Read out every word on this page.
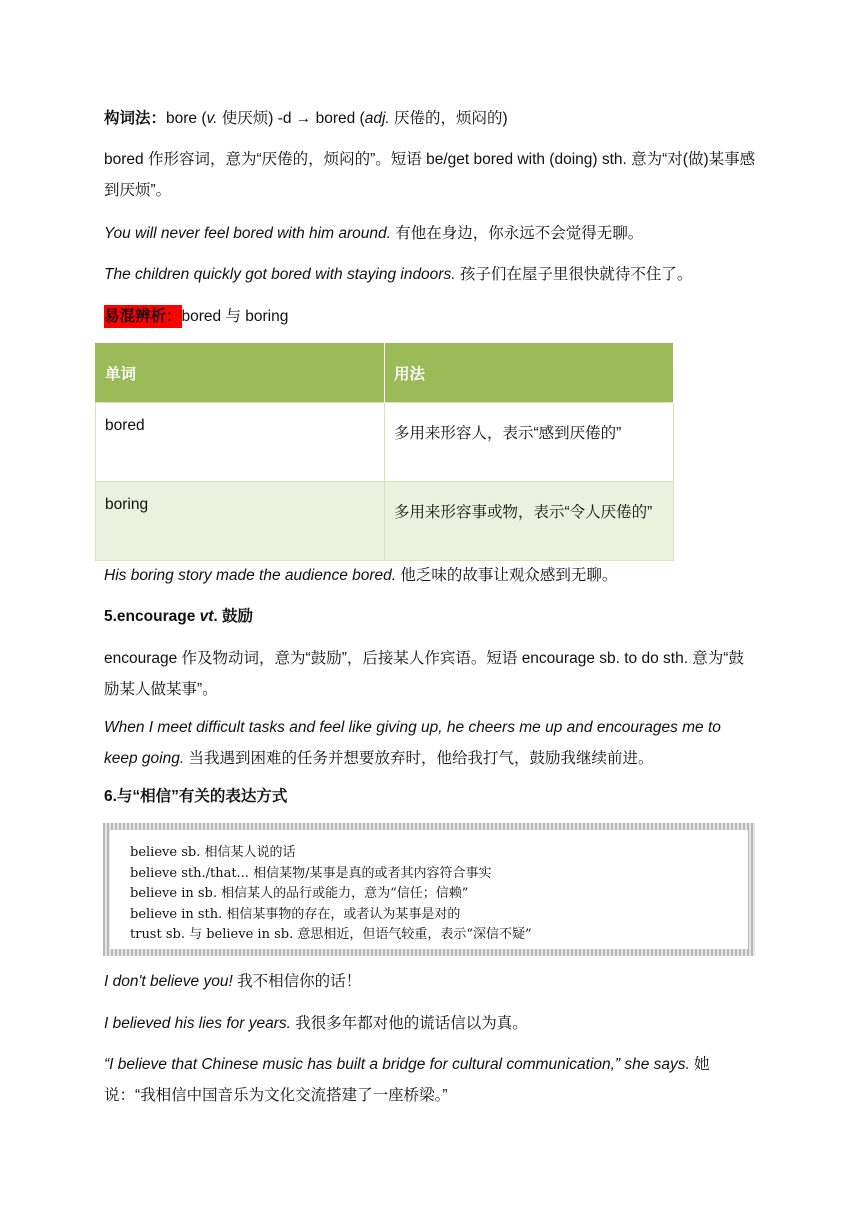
构词法：bore (v. 使厌烦) -d → bored (adj. 厌倦的，烦闷的)
bored 作形容词，意为“厌倦的，烦闷的”。短语 be/get bored with (doing) sth. 意为“对(做)某事感到厌烦”。
You will never feel bored with him around. 有他在身边，你永远不会觉得无聊。
The children quickly got bored with staying indoors. 孩子们在屋子里很快就待不住了。
易混辨析：bored 与 boring
His boring story made the audience bored. 他乏味的故事让观众感到无聊。
5.encourage vt. 鼓励
encourage 作及物动词，意为“鼓励”，后接某人作宾语。短语 encourage sb. to do sth. 意为“鼓励某人做某事”。
When I meet difficult tasks and feel like giving up, he cheers me up and encourages me to keep going. 当我遇到困难的任务并想要放弃时，他给我打气，鼓励我继续前进。
6.与“相信”有关的表达方式
I don't believe you! 我不相信你的话！
I believed his lies for years. 我很多年都对他的谎话信以为真。
“I believe that Chinese music has built a bridge for cultural communication,” she says. 她说：“我相信中国音乐为文化交流搭建了一座桥梁。”
单词	用法
bored	多用来形容人，表示“感到厌倦的”
boring	多用来形容事或物，表示“令人厌倦的”
believe sb. 相信某人说的话
believe sth./that... 相信某物/某事是真的或者其内容符合事实
believe in sb. 相信某人的品行或能力，意为“信任；信赖”
believe in sth. 相信某事物的存在，或者认为某事是对的
trust sb. 与 believe in sb. 意思相近，但语气较重，表示“深信不疑”
